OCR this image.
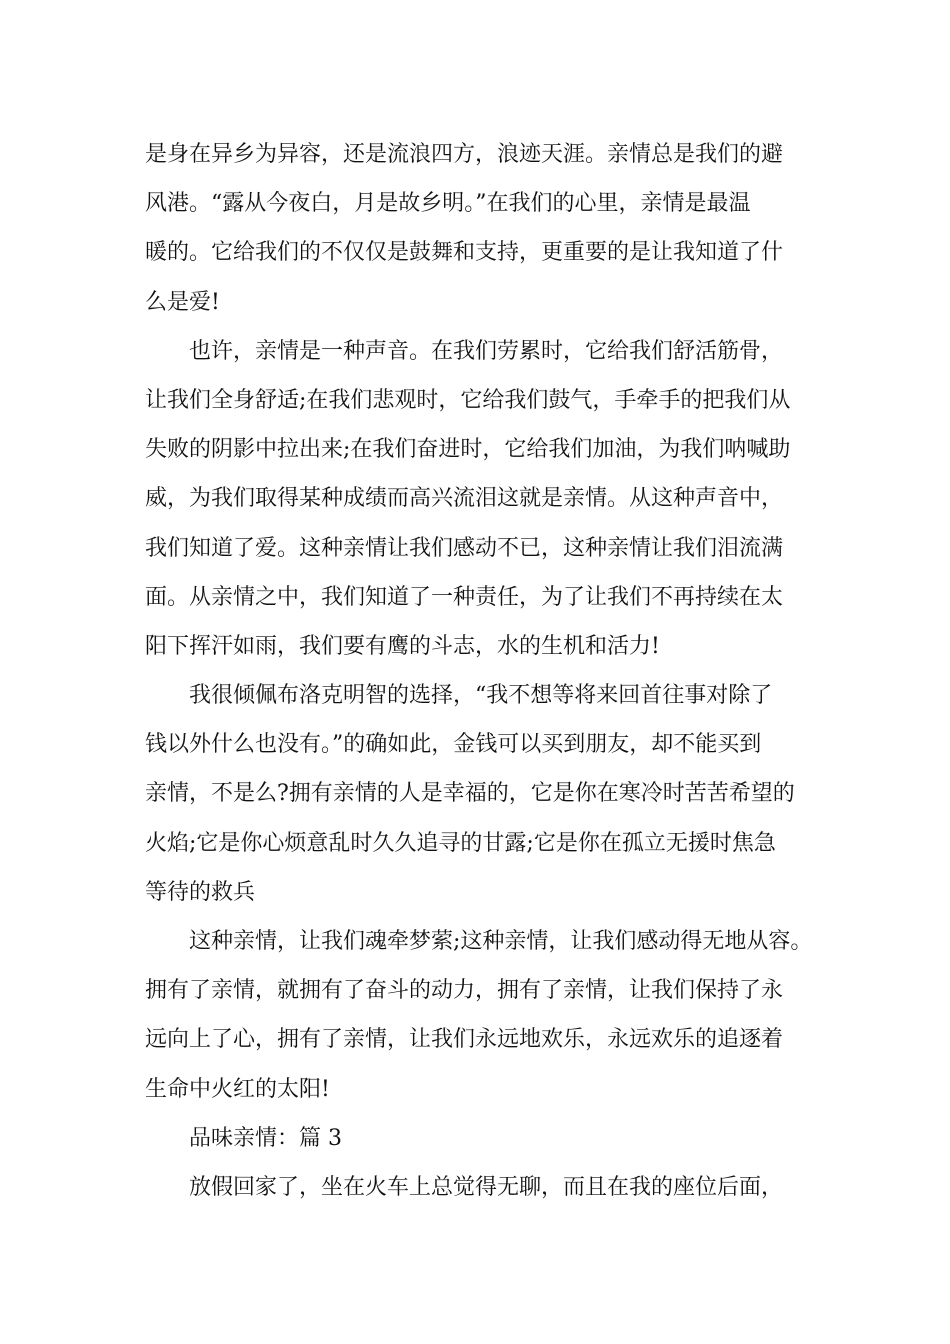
是身在异乡为异容，还是流浪四方，浪迹天涯。亲情总是我们的避
风港。“露从今夜白，月是故乡明。”在我们的心里，亲情是最温
暖的。它给我们的不仅仅是鼓舞和支持，更重要的是让我知道了什
么是爱!
也许，亲情是一种声音。在我们劳累时，它给我们舒活筋骨，
让我们全身舒适;在我们悲观时，它给我们鼓气，手牵手的把我们从
失败的阴影中拉出来;在我们奋进时，它给我们加油，为我们呐喊助
威，为我们取得某种成绩而高兴流泪这就是亲情。从这种声音中，
我们知道了爱。这种亲情让我们感动不已，这种亲情让我们泪流满
面。从亲情之中，我们知道了一种责任，为了让我们不再持续在太
阳下挥汗如雨，我们要有鹰的斗志，水的生机和活力!
我很倾佩布洛克明智的选择，“我不想等将来回首往事对除了
钱以外什么也没有。”的确如此，金钱可以买到朋友，却不能买到
亲情，不是么?拥有亲情的人是幸福的，它是你在寒冷时苦苦希望的
火焰;它是你心烦意乱时久久追寻的甘露;它是你在孤立无援时焦急
等待的救兵
这种亲情，让我们魂牵梦萦;这种亲情，让我们感动得无地从容。
拥有了亲情，就拥有了奋斗的动力，拥有了亲情，让我们保持了永
远向上了心，拥有了亲情，让我们永远地欢乐，永远欢乐的追逐着
生命中火红的太阳!
品味亲情：篇 3
放假回家了，坐在火车上总觉得无聊，而且在我的座位后面，
